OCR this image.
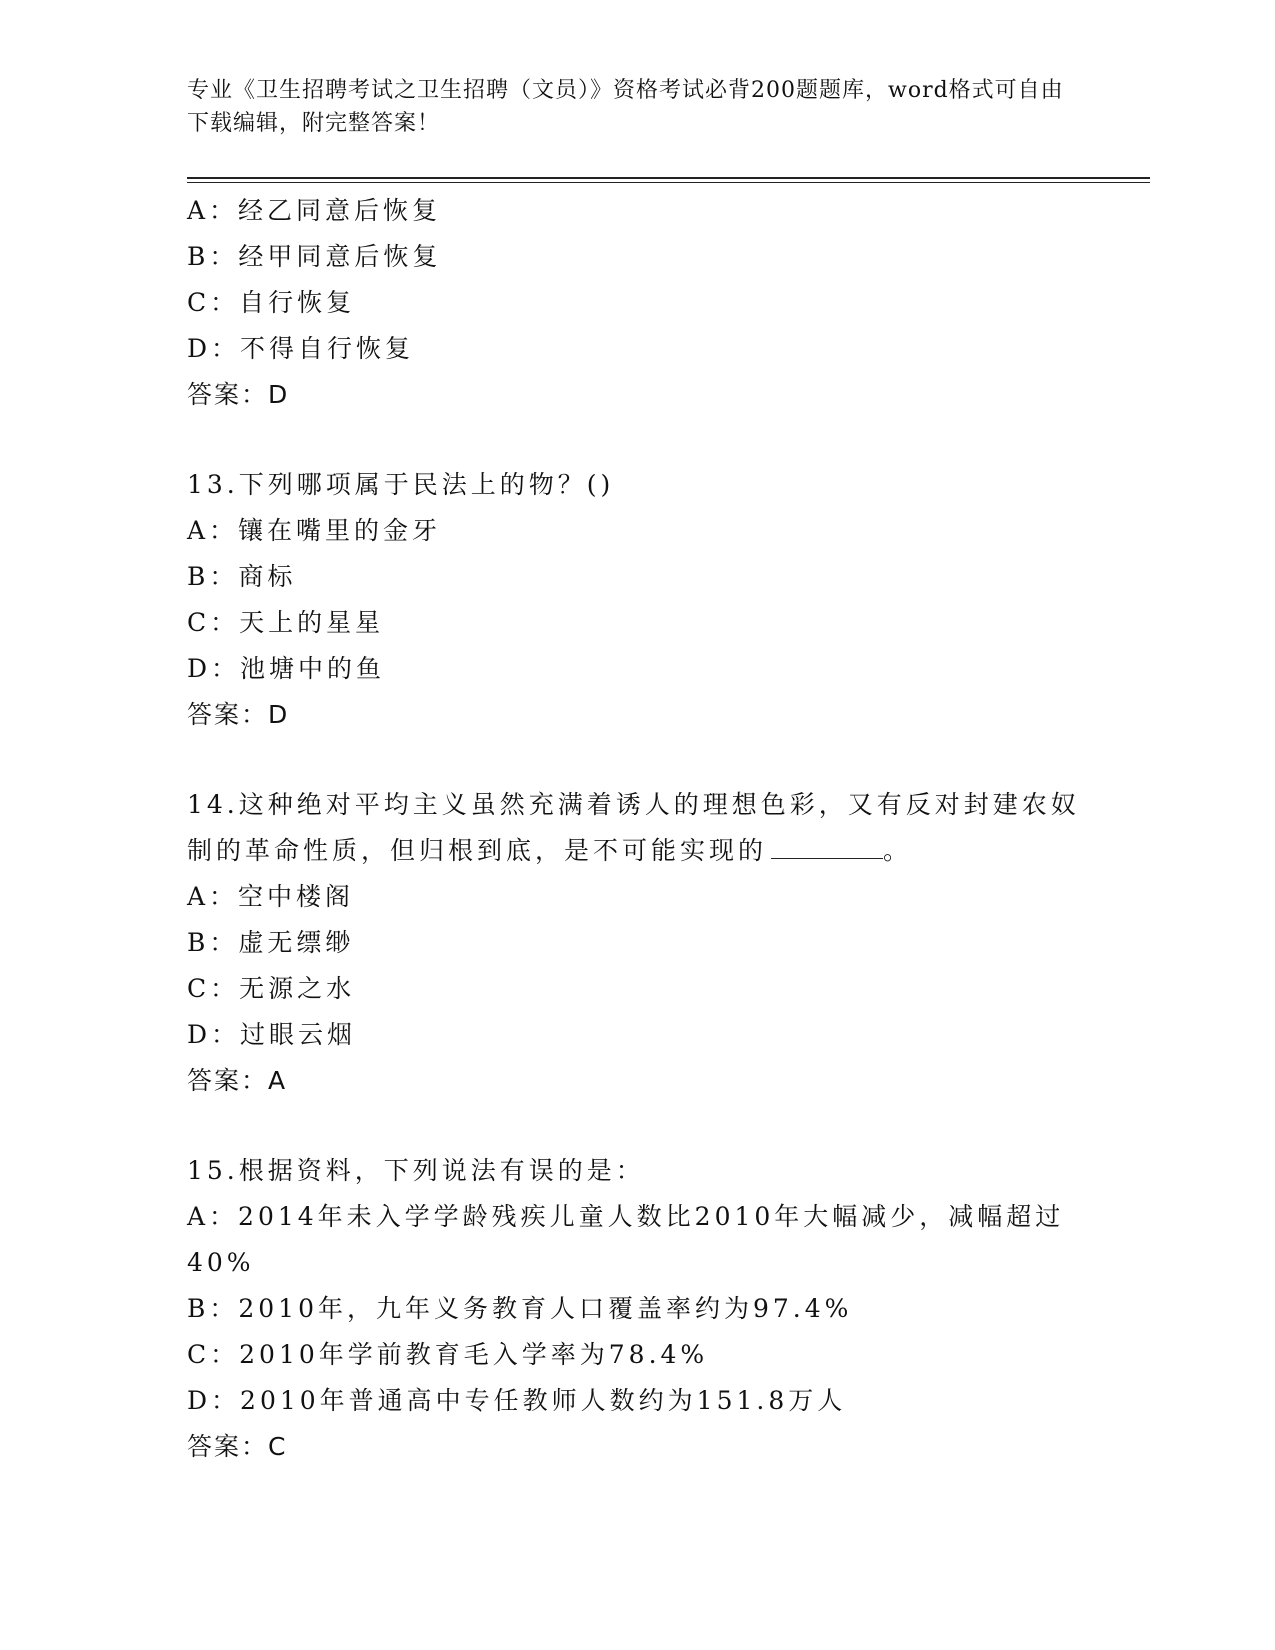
专业《卫生招聘考试之卫生招聘（文员）》资格考试必背200题题库，word格式可自由下载编辑，附完整答案！
A：经乙同意后恢复
B：经甲同意后恢复
C：自行恢复
D：不得自行恢复
答案：D
13.下列哪项属于民法上的物？()
A：镶在嘴里的金牙
B：商标
C：天上的星星
D：池塘中的鱼
答案：D
14.这种绝对平均主义虽然充满着诱人的理想色彩，又有反对封建农奴制的革命性质，但归根到底，是不可能实现的	。
A：空中楼阁
B：虚无缥缈
C：无源之水
D：过眼云烟
答案：A
15.根据资料，下列说法有误的是：
A：2014年未入学学龄残疾儿童人数比2010年大幅减少，减幅超过40%
B：2010年，九年义务教育人口覆盖率约为97.4%
C：2010年学前教育毛入学率为78.4%
D：2010年普通高中专任教师人数约为151.8万人
答案：C
